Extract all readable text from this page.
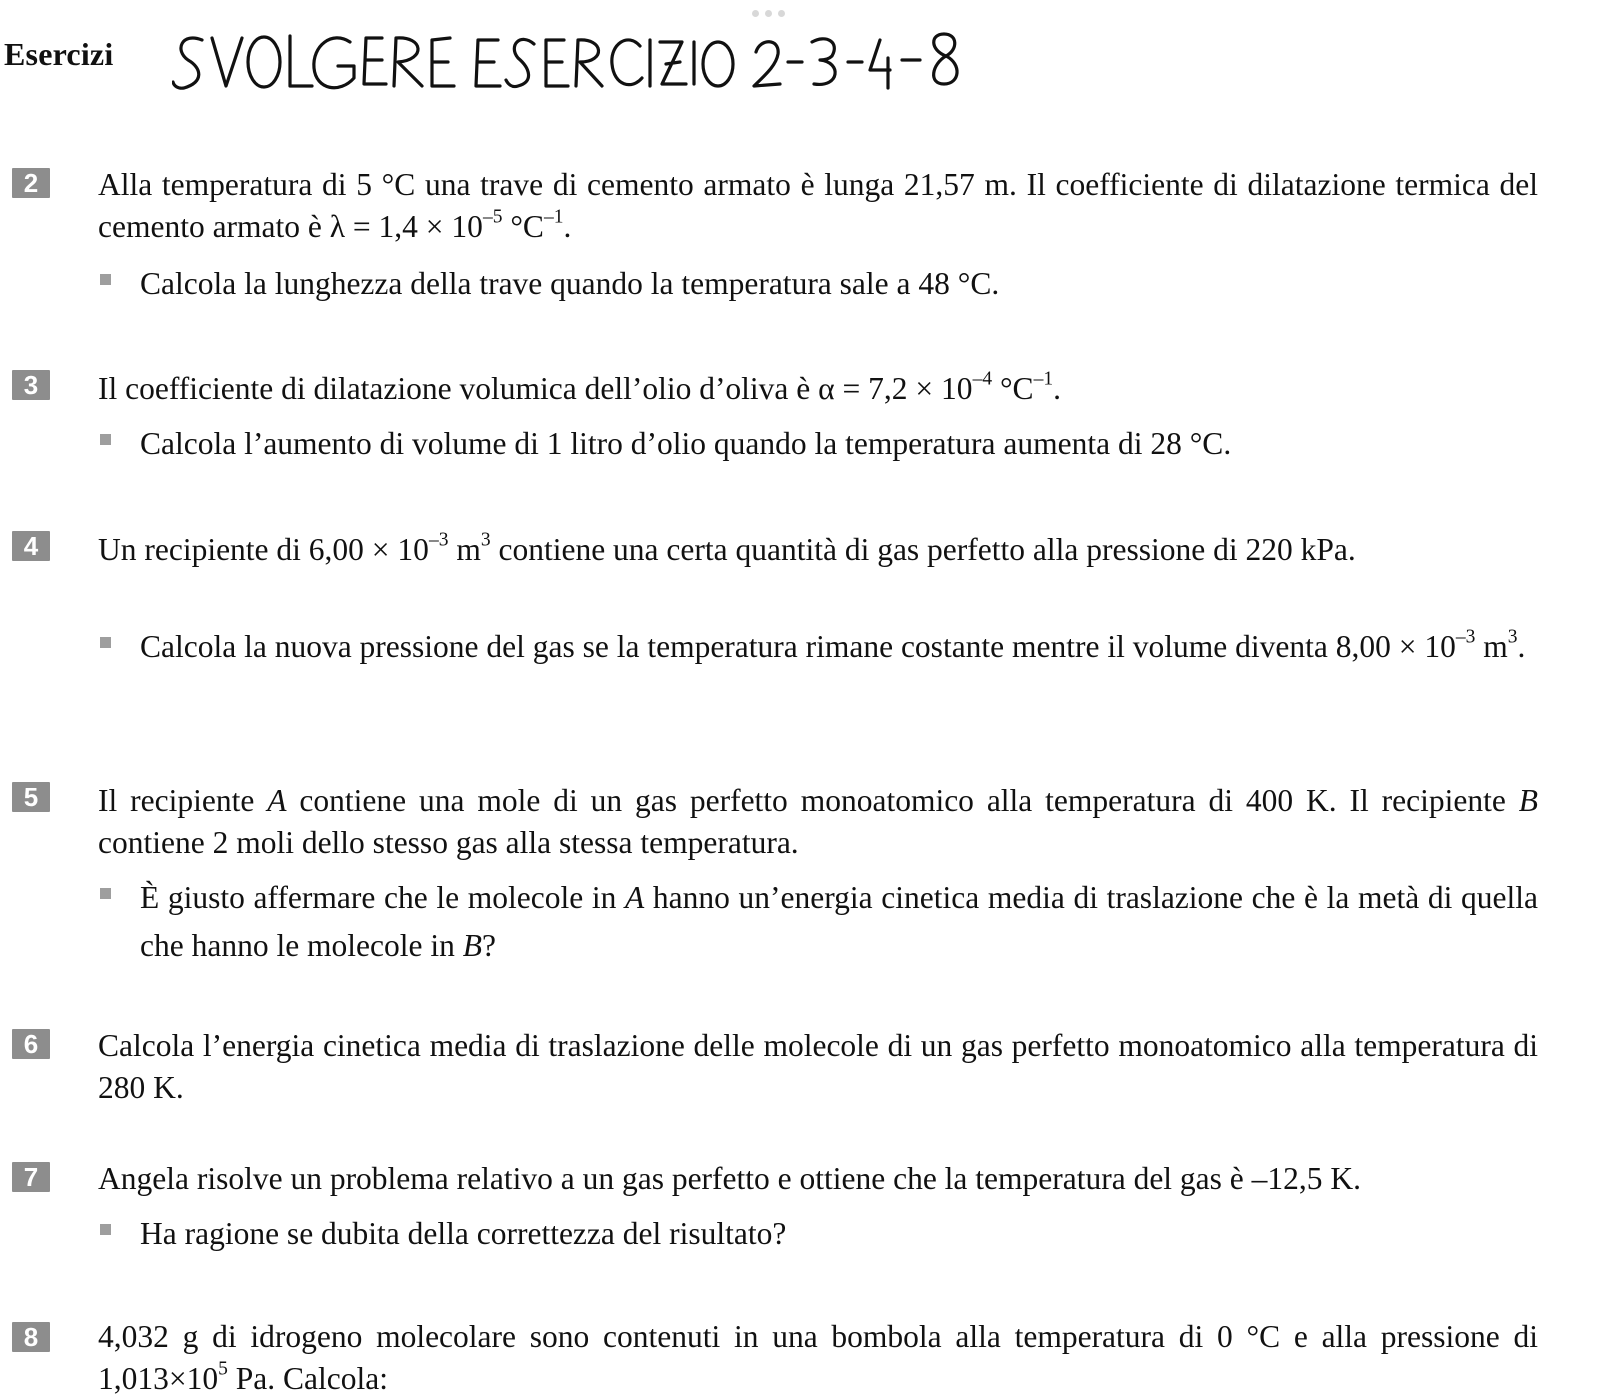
Esercizi
2	Alla temperatura di 5 °C una trave di cemento armato è lunga 21,57 m. Il coefficiente di dilatazione termica del cemento armato è $\lambda = 1,4 \times 10^{-5}$ $^\circ C^{-1}$.
Calcola la lunghezza della trave quando la temperatura sale a 48 °C.
3	Il coefficiente di dilatazione volumica dell’olio d’oliva è $\alpha = 7,2 \times 10^{-4}$ $^\circ C^{-1}$.
Calcola l’aumento di volume di 1 litro d’olio quando la temperatura aumenta di 28 °C.
4	Un recipiente di $6,00 \times 10^{-3}$ $m^3$ contiene una certa quantità di gas perfetto alla pressione di 220 kPa.
Calcola la nuova pressione del gas se la temperatura rimane costante mentre il volume diventa $8,00 \times 10^{-3}$ $m^3$.
5	Il recipiente A contiene una mole di un gas perfetto monoatomico alla temperatura di 400 K. Il recipiente B contiene 2 moli dello stesso gas alla stessa temperatura.
È giusto affermare che le molecole in A hanno un’energia cinetica media di traslazione che è la metà di quella che hanno le molecole in B?
6	Calcola l’energia cinetica media di traslazione delle molecole di un gas perfetto monoatomico alla temperatura di 280 K.
7	Angela risolve un problema relativo a un gas perfetto e ottiene che la temperatura del gas è –12,5 K.
Ha ragione se dubita della correttezza del risultato?
8	4,032 g di idrogeno molecolare sono contenuti in una bombola alla temperatura di 0 °C e alla pressione di $1,013\times 10^5$ Pa. Calcola:
